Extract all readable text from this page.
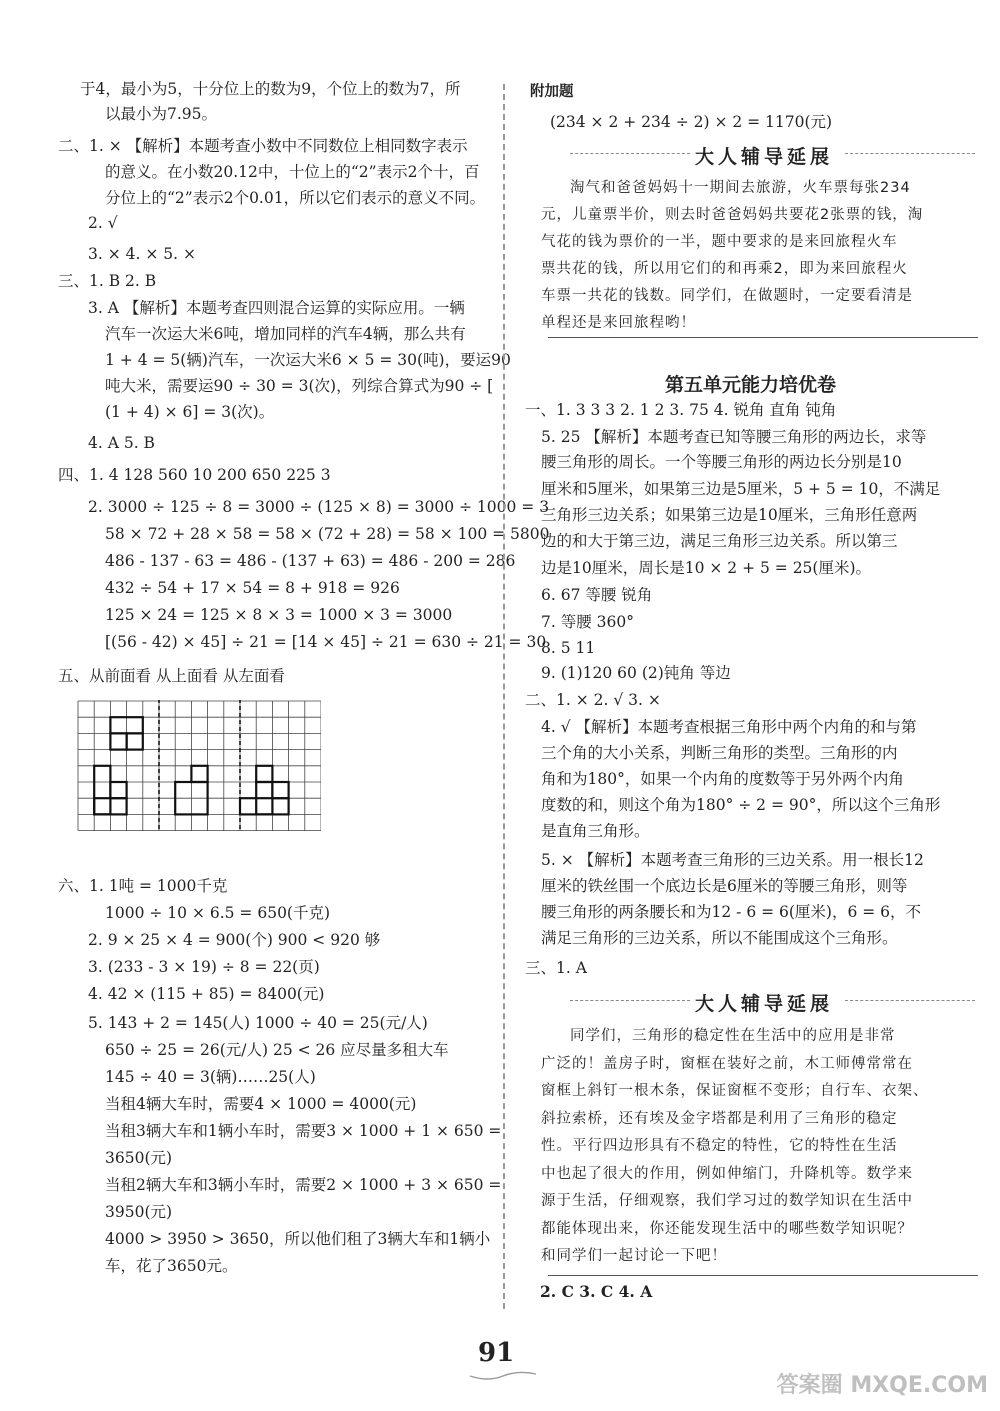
于4，最小为5，十分位上的数为9，个位上的数为7，所
以最小为7.95。
二、1. × 【解析】本题考查小数中不同数位上相同数字表示
的意义。在小数20.12中，十位上的“2”表示2个十，百
分位上的“2”表示2个0.01，所以它们表示的意义不同。
2. √
3. × 4. × 5. ×
三、1. B 2. B
3. A 【解析】本题考查四则混合运算的实际应用。一辆
汽车一次运大米6吨，增加同样的汽车4辆，那么共有
1 + 4 = 5(辆)汽车，一次运大米6 × 5 = 30(吨)，要运90
吨大米，需要运90 ÷ 30 = 3(次)，列综合算式为90 ÷ [
(1 + 4) × 6] = 3(次)。
4. A 5. B
四、1. 4 128 560 10 200 650 225 3
2. 3000 ÷ 125 ÷ 8 = 3000 ÷ (125 × 8) = 3000 ÷ 1000 = 3
58 × 72 + 28 × 58 = 58 × (72 + 28) = 58 × 100 = 5800
486 - 137 - 63 = 486 - (137 + 63) = 486 - 200 = 286
432 ÷ 54 + 17 × 54 = 8 + 918 = 926
125 × 24 = 125 × 8 × 3 = 1000 × 3 = 3000
[(56 - 42) × 45] ÷ 21 = [14 × 45] ÷ 21 = 630 ÷ 21 = 30
五、从前面看 从上面看 从左面看
六、1. 1吨 = 1000千克
1000 ÷ 10 × 6.5 = 650(千克)
2. 9 × 25 × 4 = 900(个) 900 < 920 够
3. (233 - 3 × 19) ÷ 8 = 22(页)
4. 42 × (115 + 85) = 8400(元)
5. 143 + 2 = 145(人) 1000 ÷ 40 = 25(元/人)
650 ÷ 25 = 26(元/人) 25 < 26 应尽量多租大车
145 ÷ 40 = 3(辆)……25(人)
当租4辆大车时，需要4 × 1000 = 4000(元)
当租3辆大车和1辆小车时，需要3 × 1000 + 1 × 650 =
3650(元)
当租2辆大车和3辆小车时，需要2 × 1000 + 3 × 650 =
3950(元)
4000 > 3950 > 3650，所以他们租了3辆大车和1辆小
车，花了3650元。
附加题
(234 × 2 + 234 ÷ 2) × 2 = 1170(元)
大人辅导延展
淘气和爸爸妈妈十一期间去旅游，火车票每张234
元，儿童票半价，则去时爸爸妈妈共要花2张票的钱，淘
气花的钱为票价的一半，题中要求的是来回旅程火车
票共花的钱，所以用它们的和再乘2，即为来回旅程火
车票一共花的钱数。同学们，在做题时，一定要看清是
单程还是来回旅程哟！
第五单元能力培优卷
一、1. 3 3 3 2. 1 2 3. 75 4. 锐角 直角 钝角
5. 25 【解析】本题考查已知等腰三角形的两边长，求等
腰三角形的周长。一个等腰三角形的两边长分别是10
厘米和5厘米，如果第三边是5厘米，5 + 5 = 10，不满足
三角形三边关系；如果第三边是10厘米，三角形任意两
边的和大于第三边，满足三角形三边关系。所以第三
边是10厘米，周长是10 × 2 + 5 = 25(厘米)。
6. 67 等腰 锐角
7. 等腰 360°
8. 5 11
9. (1)120 60 (2)钝角 等边
二、1. × 2. √ 3. ×
4. √ 【解析】本题考查根据三角形中两个内角的和与第
三个角的大小关系，判断三角形的类型。三角形的内
角和为180°，如果一个内角的度数等于另外两个内角
度数的和，则这个角为180° ÷ 2 = 90°，所以这个三角形
是直角三角形。
5. × 【解析】本题考查三角形的三边关系。用一根长12
厘米的铁丝围一个底边长是6厘米的等腰三角形，则等
腰三角形的两条腰长和为12 - 6 = 6(厘米)，6 = 6，不
满足三角形的三边关系，所以不能围成这个三角形。
三、1. A
大人辅导延展
同学们，三角形的稳定性在生活中的应用是非常
广泛的！盖房子时，窗框在装好之前，木工师傅常常在
窗框上斜钉一根木条，保证窗框不变形；自行车、衣架、
斜拉索桥，还有埃及金字塔都是利用了三角形的稳定
性。平行四边形具有不稳定的特性，它的特性在生活
中也起了很大的作用，例如伸缩门，升降机等。数学来
源于生活，仔细观察，我们学习过的数学知识在生活中
都能体现出来，你还能发现生活中的哪些数学知识呢？
和同学们一起讨论一下吧！
2. C 3. C 4. A
91
答案圈 MXQE.COM
